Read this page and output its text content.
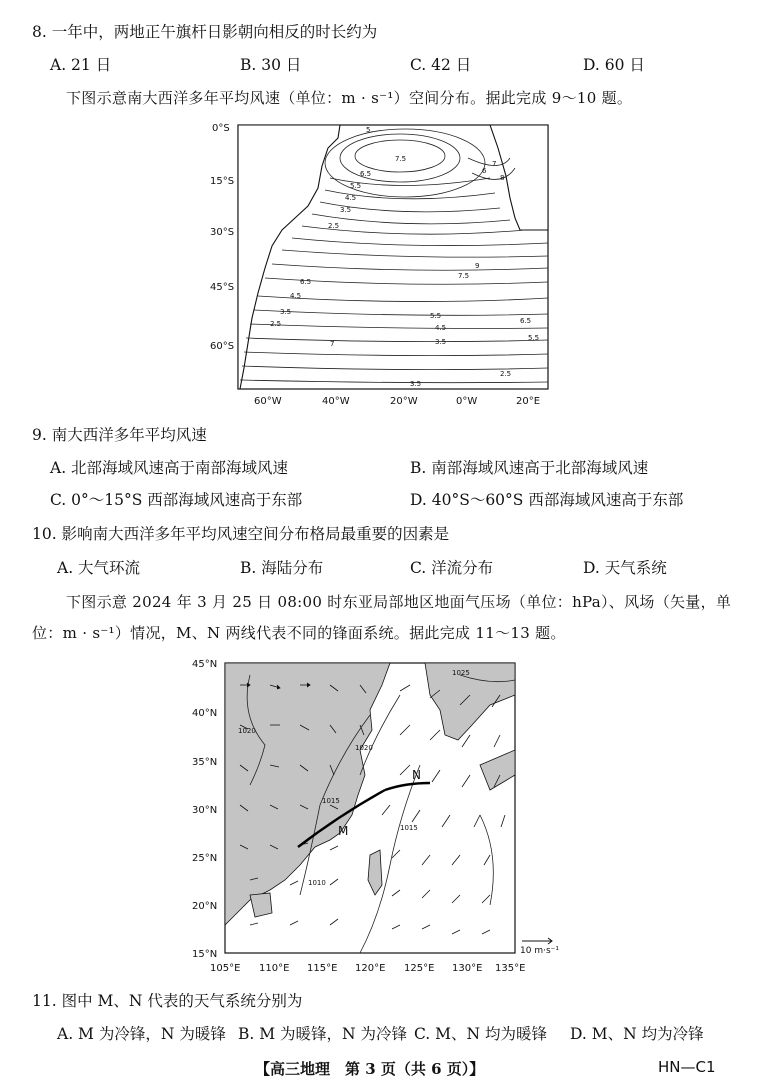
8. 一年中，两地正午旗杆日影朝向相反的时长约为
A. 21 日	B. 30 日	C. 42 日	D. 60 日
下图示意南大西洋多年平均风速（单位：m · s⁻¹）空间分布。据此完成 9～10 题。
5
7.5
6.5
5.5
4.5
3.5
2.5
6
7
8
9
7.5
6.5
4.5
3.5
2.5
5.5
4.5
3.5
6.5
5.5
7
2.5
3.5
0°S
15°S
30°S
45°S
60°S
60°W	40°W	20°W	0°W	20°E
9. 南大西洋多年平均风速
A. 北部海域风速高于南部海域风速	B. 南部海域风速高于北部海域风速
C. 0°～15°S 西部海域风速高于东部	D. 40°S～60°S 西部海域风速高于东部
10. 影响南大西洋多年平均风速空间分布格局最重要的因素是
A. 大气环流	B. 海陆分布	C. 洋流分布	D. 天气系统
下图示意 2024 年 3 月 25 日 08:00 时东亚局部地区地面气压场（单位：hPa）、风场（矢量，单
位：m · s⁻¹）情况，M、N 两线代表不同的锋面系统。据此完成 11～13 题。
M
N
1020
1020
1015
1015
1010
1025
10 m·s⁻¹
45°N
40°N
35°N
30°N
25°N
20°N
15°N
105°E 110°E 115°E 120°E 125°E 130°E 135°E
11. 图中 M、N 代表的天气系统分别为
A. M 为冷锋，N 为暖锋 B. M 为暖锋，N 为冷锋 C. M、N 均为暖锋 D. M、N 均为冷锋
【高三地理　第 3 页（共 6 页）】	HN—C1
